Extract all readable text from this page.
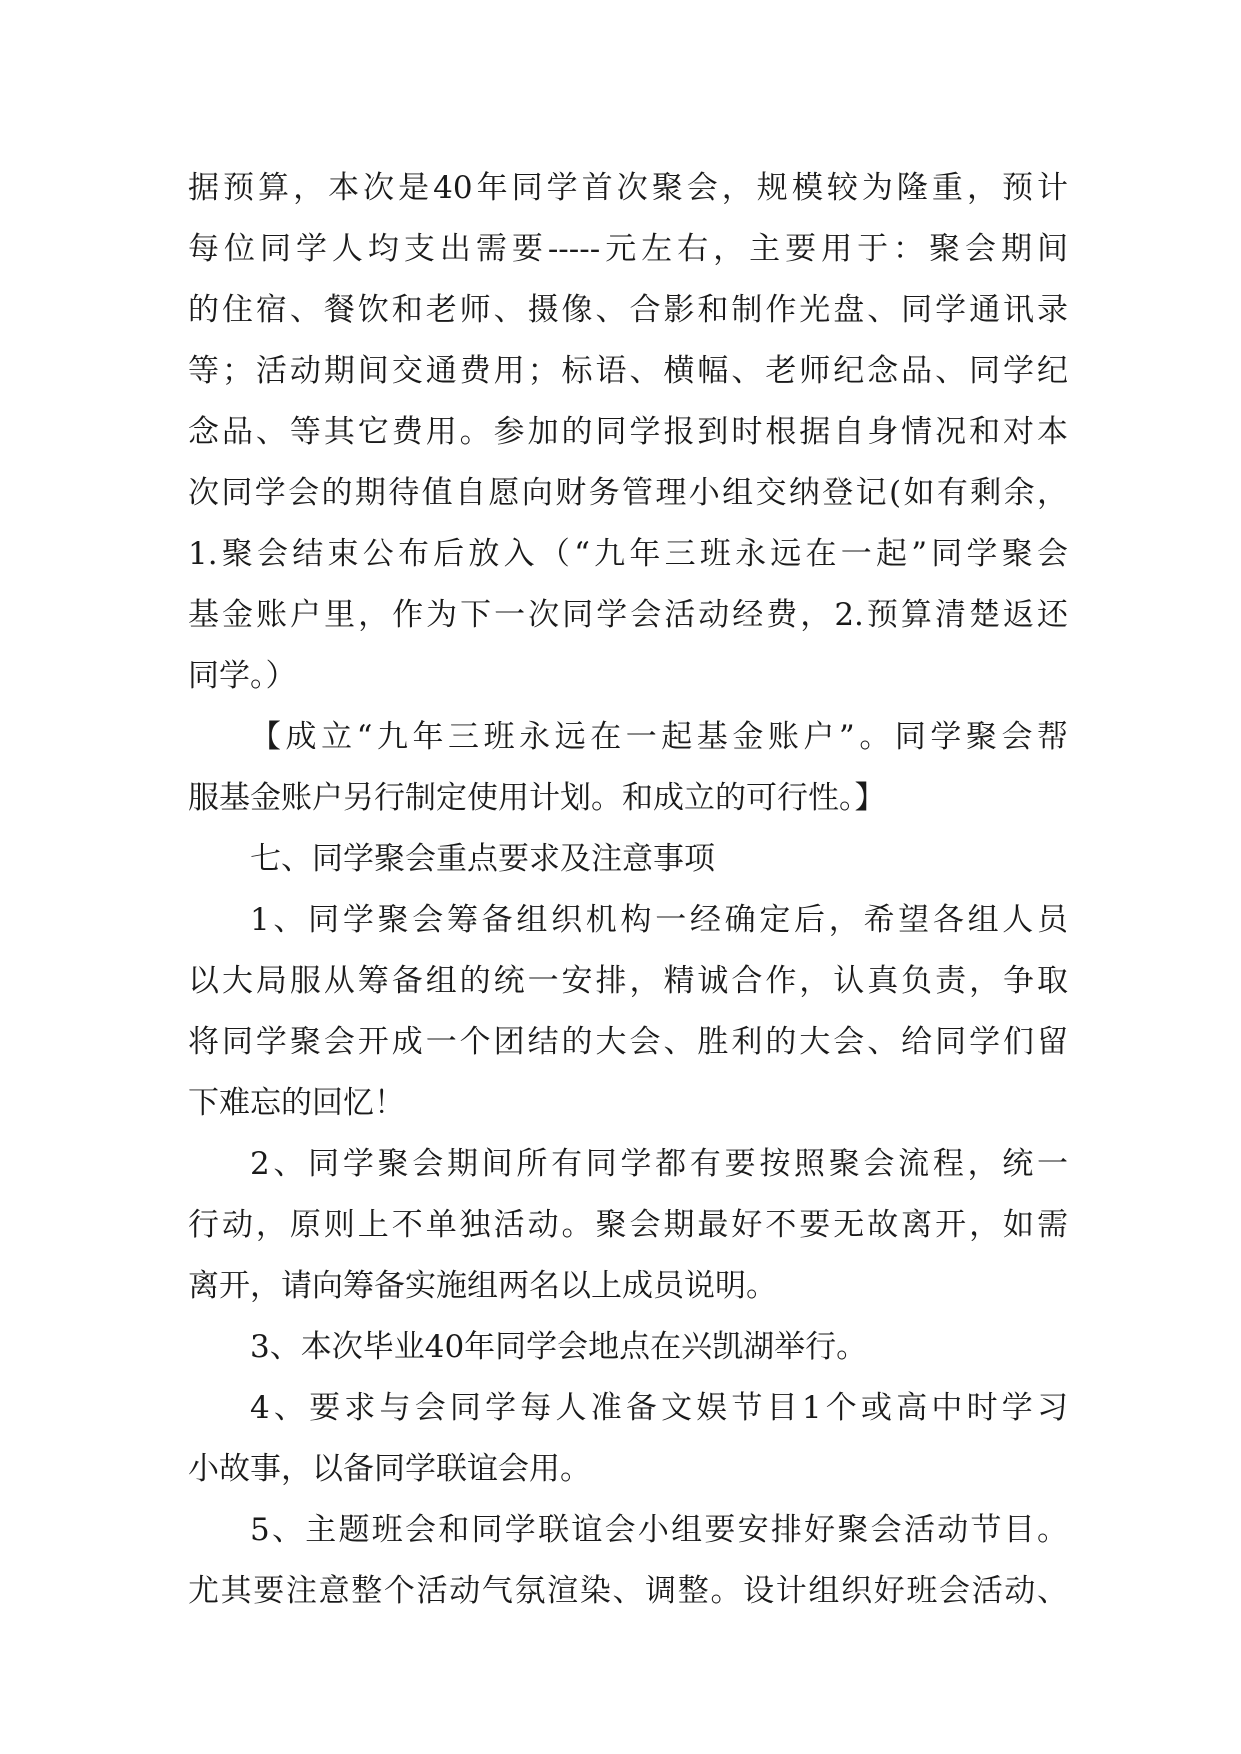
据预算，本次是40年同学首次聚会，规模较为隆重，预计
每位同学人均支出需要-----元左右，主要用于：聚会期间
的住宿、餐饮和老师、摄像、合影和制作光盘、同学通讯录
等；活动期间交通费用；标语、横幅、老师纪念品、同学纪
念品、等其它费用。参加的同学报到时根据自身情况和对本
次同学会的期待值自愿向财务管理小组交纳登记(如有剩余，
1.聚会结束公布后放入（“九年三班永远在一起”同学聚会
基金账户里，作为下一次同学会活动经费，2.预算清楚返还
同学。）
【成立“九年三班永远在一起基金账户”。同学聚会帮
服基金账户另行制定使用计划。和成立的可行性。】
七、同学聚会重点要求及注意事项
1、同学聚会筹备组织机构一经确定后，希望各组人员
以大局服从筹备组的统一安排，精诚合作，认真负责，争取
将同学聚会开成一个团结的大会、胜利的大会、给同学们留
下难忘的回忆！
2、同学聚会期间所有同学都有要按照聚会流程，统一
行动，原则上不单独活动。聚会期最好不要无故离开，如需
离开，请向筹备实施组两名以上成员说明。
3、本次毕业40年同学会地点在兴凯湖举行。
4、要求与会同学每人准备文娱节目1个或高中时学习
小故事，以备同学联谊会用。
5、主题班会和同学联谊会小组要安排好聚会活动节目。
尤其要注意整个活动气氛渲染、调整。设计组织好班会活动、
